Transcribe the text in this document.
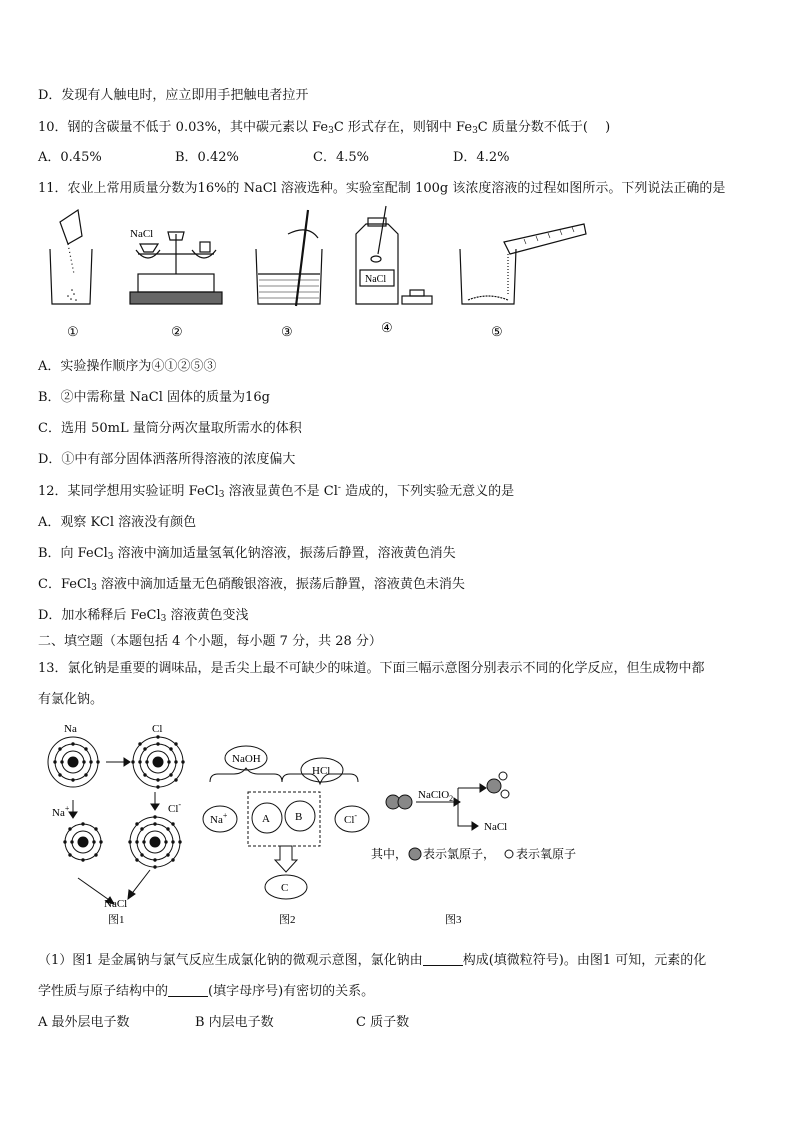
D．发现有人触电时，应立即用手把触电者拉开
10．钢的含碳量不低于 0.03%，其中碳元素以 $Fe_3C$ 形式存在，则钢中 $Fe_3C$ 质量分数不低于(　 )
A．0.45%	B．0.42%	C．4.5%	D．4.2%
11．农业上常用质量分数为16%的 NaCl 溶液选种。实验室配制 100g 该浓度溶液的过程如图所示。下列说法正确的是
NaCl
NaCl
①	②	③	④	⑤
A．实验操作顺序为④①②⑤③
B．②中需称量 NaCl 固体的质量为16g
C．选用 50mL 量筒分两次量取所需水的体积
D．①中有部分固体洒落所得溶液的浓度偏大
12．某同学想用实验证明 FeCl$_3$ 溶液显黄色不是 Cl- 造成的，下列实验无意义的是
A．观察 KCl 溶液没有颜色
B．向 FeCl$_3$ 溶液中滴加适量氢氧化钠溶液，振荡后静置，溶液黄色消失
C．FeCl$_3$ 溶液中滴加适量无色硝酸银溶液，振荡后静置，溶液黄色未消失
D．加水稀释后 FeCl$_3$ 溶液黄色变浅
二、填空题（本题包括 4 个小题，每小题 7 分，共 28 分）
13．氯化钠是重要的调味品，是舌尖上最不可缺少的味道。下面三幅示意图分别表示不同的化学反应，但生成物中都
有氯化钠。
Na	Cl
Na+	Cl-
NaCl
图1
NaOH
HCl
Na+	A B	Cl-
C
图2
NaClO$_2$
NaCl
其中， 表示氯原子， 表示氧原子
图3
（1）图1 是金属钠与氯气反应生成氯化钠的微观示意图，氯化钠由	构成(填微粒符号)。由图1 可知，元素的化
学性质与原子结构中的	(填字母序号)有密切的关系。
A 最外层电子数	B 内层电子数	C 质子数
